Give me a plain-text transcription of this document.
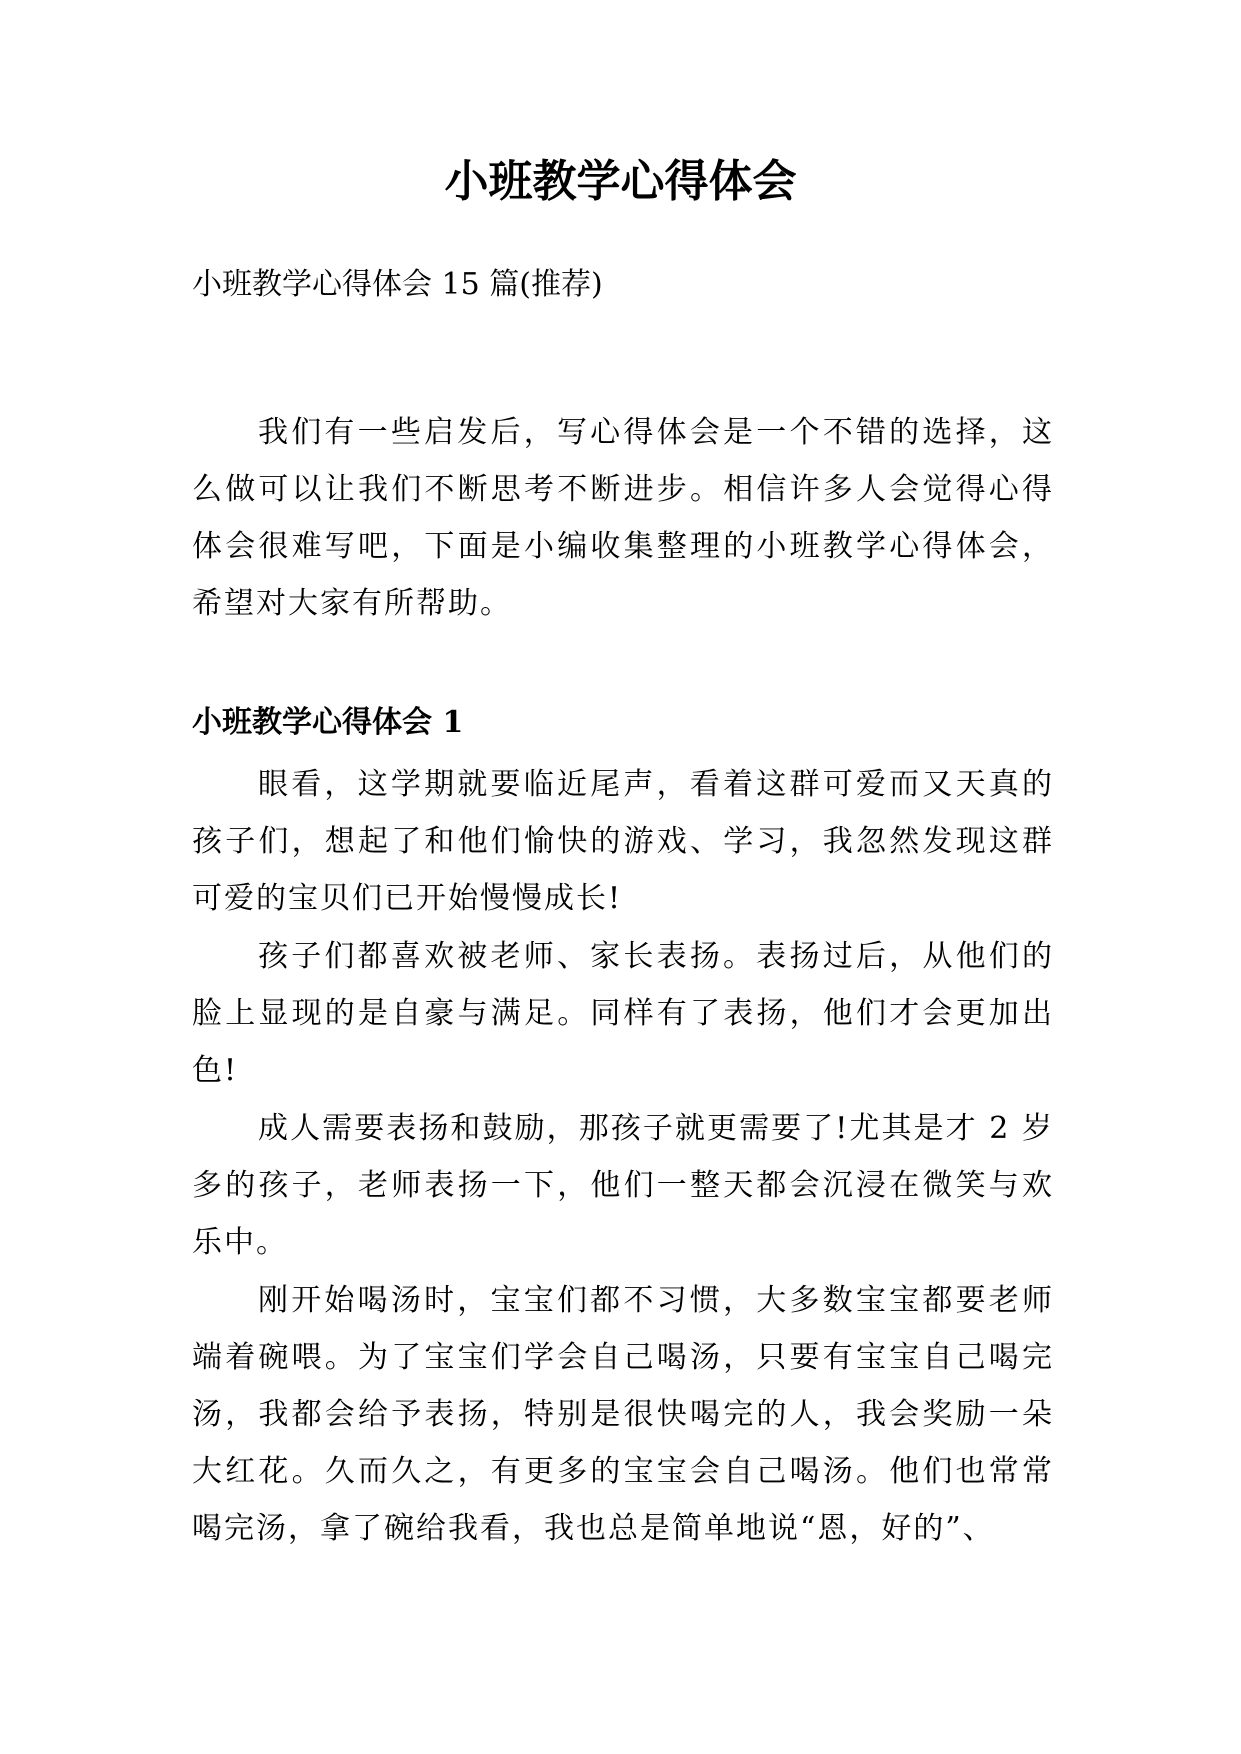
小班教学心得体会

小班教学心得体会 15 篇(推荐)

我们有一些启发后，写心得体会是一个不错的选择，这么做可以让我们不断思考不断进步。相信许多人会觉得心得体会很难写吧，下面是小编收集整理的小班教学心得体会，希望对大家有所帮助。

小班教学心得体会 1

眼看，这学期就要临近尾声，看着这群可爱而又天真的孩子们，想起了和他们愉快的游戏、学习，我忽然发现这群可爱的宝贝们已开始慢慢成长!

孩子们都喜欢被老师、家长表扬。表扬过后，从他们的脸上显现的是自豪与满足。同样有了表扬，他们才会更加出色!

成人需要表扬和鼓励，那孩子就更需要了!尤其是才 2 岁多的孩子，老师表扬一下，他们一整天都会沉浸在微笑与欢乐中。

刚开始喝汤时，宝宝们都不习惯，大多数宝宝都要老师端着碗喂。为了宝宝们学会自己喝汤，只要有宝宝自己喝完汤，我都会给予表扬，特别是很快喝完的人，我会奖励一朵大红花。久而久之，有更多的宝宝会自己喝汤。他们也常常喝完汤，拿了碗给我看，我也总是简单地说“恩，好的”、
